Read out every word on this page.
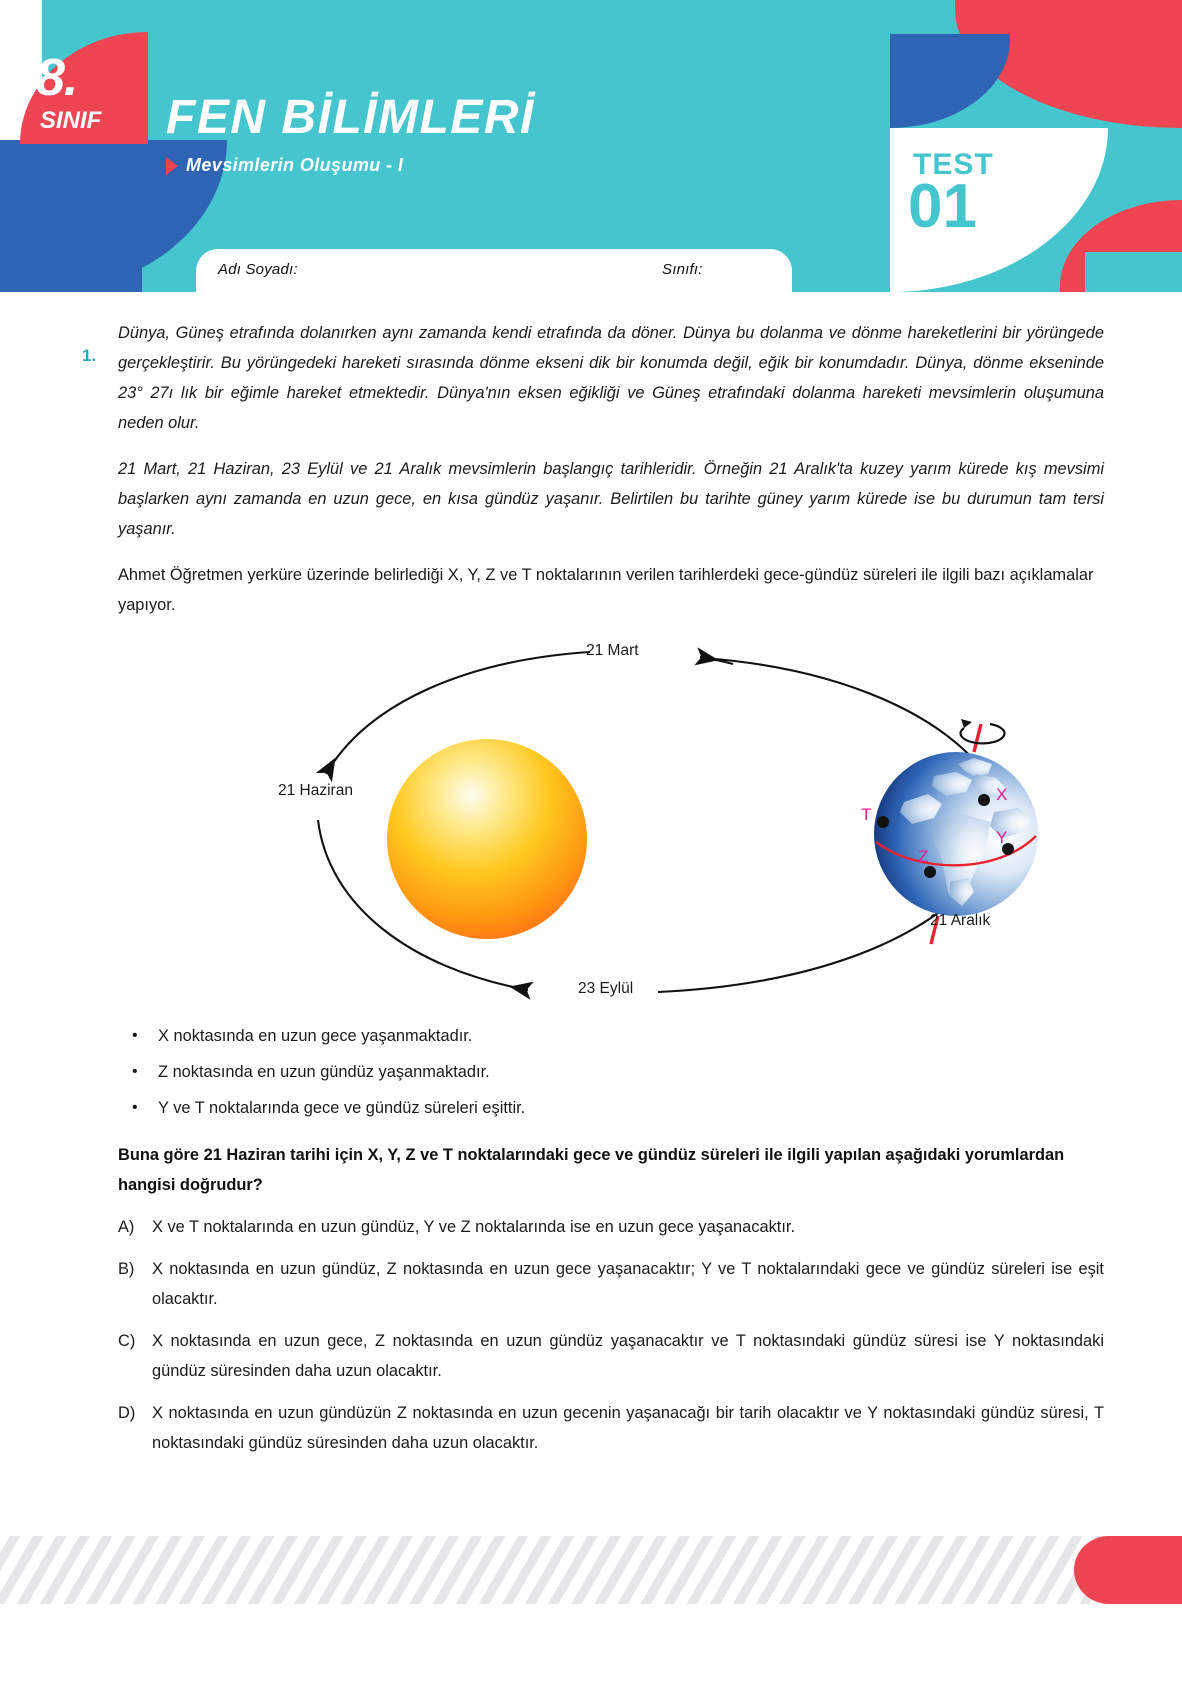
8.
SINIF	FEN BİLİMLERİ
Mevsimlerin Oluşumu - I	TEST
01
Adı Soyadı:	Sınıfı:
1.
Dünya, Güneş etrafında dolanırken aynı zamanda kendi etrafında da döner. Dünya bu dolanma ve dönme hareketlerini bir yörüngede gerçekleştirir. Bu yörüngedeki hareketi sırasında dönme ekseni dik bir konumda değil, eğik bir konumdadır. Dünya, dönme ekseninde 23° 27ı lık bir eğimle hareket etmektedir. Dünya'nın eksen eğikliği ve Güneş etrafındaki dolanma hareketi mevsimlerin oluşumuna neden olur.
21 Mart, 21 Haziran, 23 Eylül ve 21 Aralık mevsimlerin başlangıç tarihleridir. Örneğin 21 Aralık'ta kuzey yarım kürede kış mevsimi başlarken aynı zamanda en uzun gece, en kısa gündüz yaşanır. Belirtilen bu tarihte güney yarım kürede ise bu durumun tam tersi yaşanır.
Ahmet Öğretmen yerküre üzerinde belirlediği X, Y, Z ve T noktalarının verilen tarihlerdeki gece-gündüz süreleri ile ilgili bazı açıklamalar yapıyor.
X
Y
Z
T
21 Mart
21 Haziran
23 Eylül
21 Aralık
• X noktasında en uzun gece yaşanmaktadır.
• Z noktasında en uzun gündüz yaşanmaktadır.
• Y ve T noktalarında gece ve gündüz süreleri eşittir.
Buna göre 21 Haziran tarihi için X, Y, Z ve T noktalarındaki gece ve gündüz süreleri ile ilgili yapılan aşağıdaki yorumlardan hangisi doğrudur?
A) X ve T noktalarında en uzun gündüz, Y ve Z noktalarında ise en uzun gece yaşanacaktır.
B) X noktasında en uzun gündüz, Z noktasında en uzun gece yaşanacaktır; Y ve T noktalarındaki gece ve gündüz süreleri ise eşit olacaktır.
C) X noktasında en uzun gece, Z noktasında en uzun gündüz yaşanacaktır ve T noktasındaki gündüz süresi ise Y noktasındaki gündüz süresinden daha uzun olacaktır.
D) X noktasında en uzun gündüzün Z noktasında en uzun gecenin yaşanacağı bir tarih olacaktır ve Y noktasındaki gündüz süresi, T noktasındaki gündüz süresinden daha uzun olacaktır.
